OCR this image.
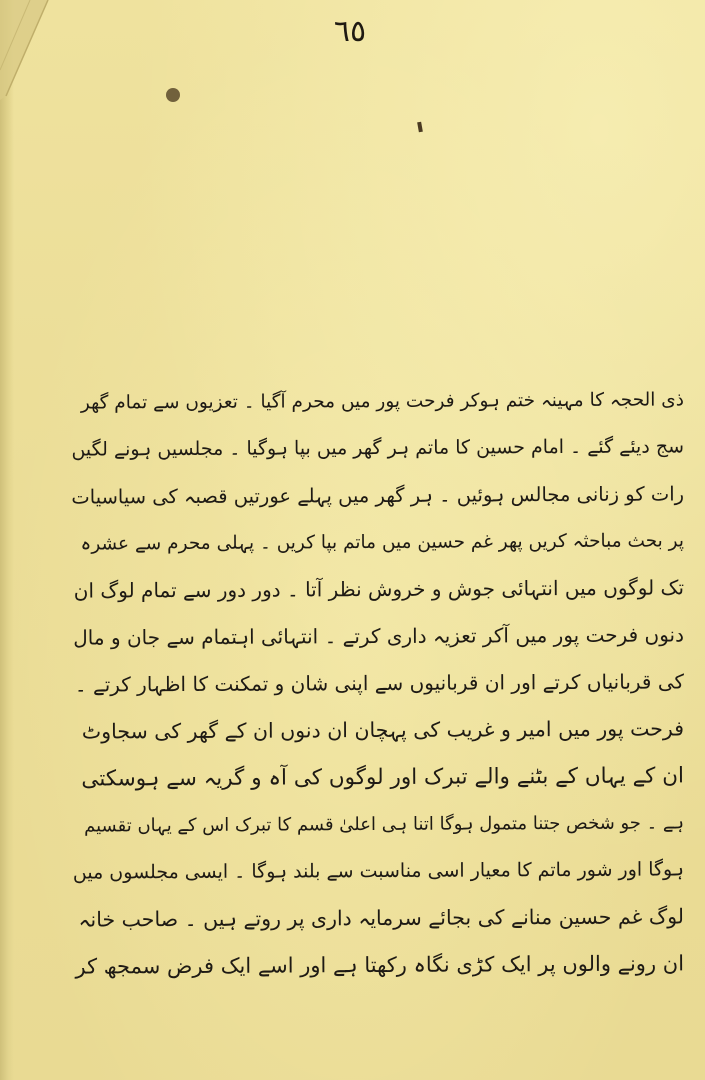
٦٥
ذی الحجہ کا مہینہ ختم ہوکر فرحت پور میں محرم آگیا ۔ تعزیوں سے تمام گھر
سج دیئے گئے ۔ امام حسین کا ماتم ہر گھر میں بپا ہوگیا ۔ مجلسیں ہونے لگیں
رات کو زنانی مجالس ہوئیں ۔ ہر گھر میں پہلے عورتیں قصبہ کی سیاسیات
پر بحث مباحثہ کریں پھر غم حسین میں ماتم بپا کریں ۔ پہلی محرم سے عشرہ
تک لوگوں میں انتہائی جوش و خروش نظر آتا ۔ دور دور سے تمام لوگ ان
دنوں فرحت پور میں آکر تعزیہ داری کرتے ۔ انتہائی اہتمام سے جان و مال
کی قربانیاں کرتے اور ان قربانیوں سے اپنی شان و تمکنت کا اظہار کرتے ۔
فرحت پور میں امیر و غریب کی پہچان ان دنوں ان کے گھر کی سجاوٹ
ان کے یہاں کے بٹنے والے تبرک اور لوگوں کی آہ و گریہ سے ہوسکتی
ہے ۔ جو شخص جتنا متمول ہوگا اتنا ہی اعلیٰ قسم کا تبرک اس کے یہاں تقسیم
ہوگا اور شور ماتم کا معیار اسی مناسبت سے بلند ہوگا ۔ ایسی مجلسوں میں
لوگ غم حسین منانے کی بجائے سرمایہ داری پر روتے ہیں ۔ صاحب خانہ
ان رونے والوں پر ایک کڑی نگاہ رکھتا ہے اور اسے ایک فرض سمجھ کر
